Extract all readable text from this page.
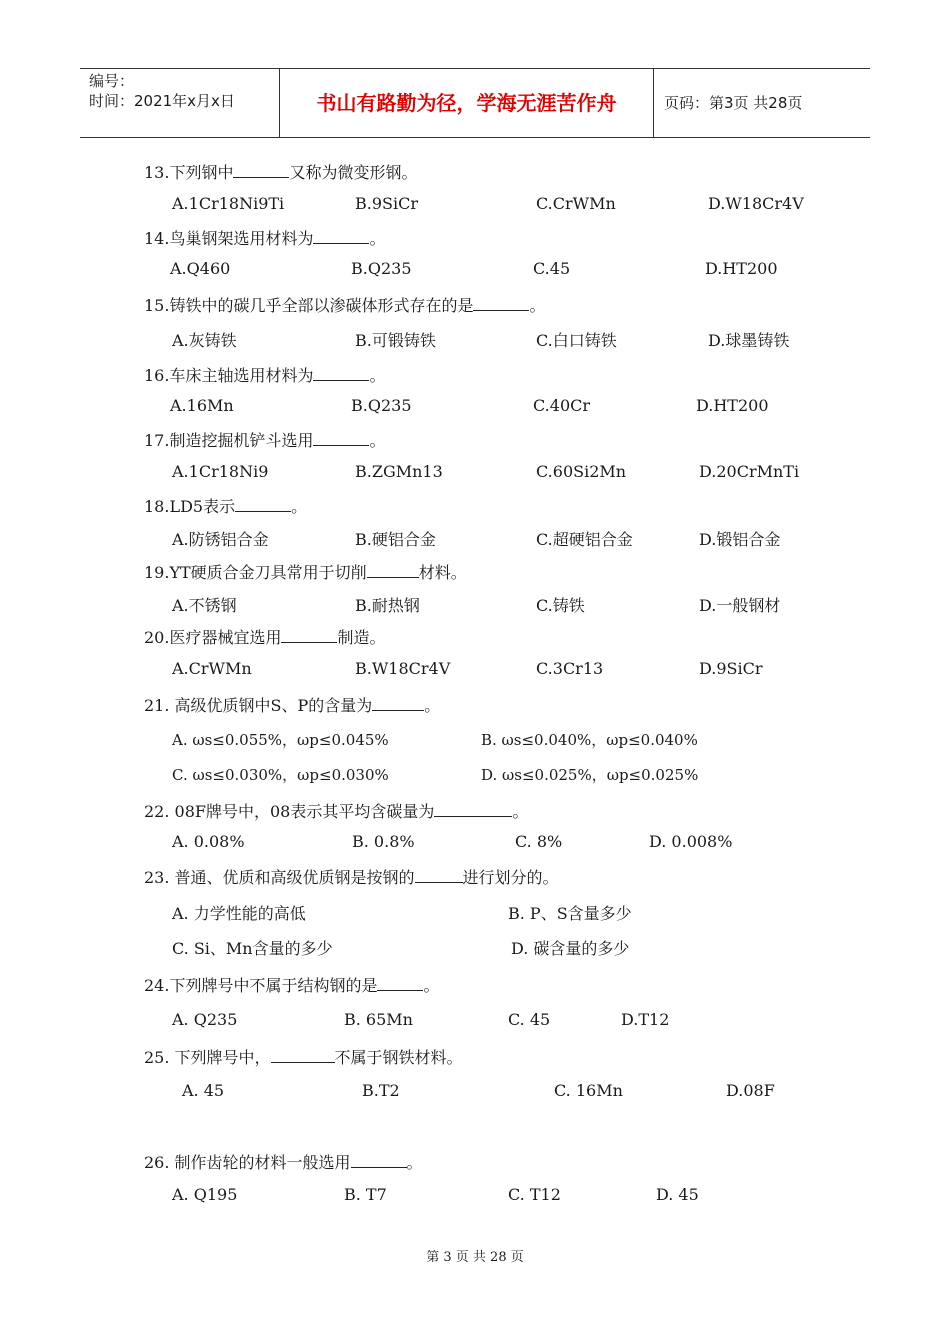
编号：
时间：2021年x月x日	书山有路勤为径，学海无涯苦作舟	页码：第3页 共28页
13.下列钢中	又称为微变形钢。
A.1Cr18Ni9Ti	B.9SiCr	C.CrWMn	D.W18Cr4V
14.鸟巢钢架选用材料为	。
A.Q460	B.Q235	C.45	D.HT200
15.铸铁中的碳几乎全部以渗碳体形式存在的是	。
A.灰铸铁	B.可锻铸铁	C.白口铸铁	D.球墨铸铁
16.车床主轴选用材料为	。
A.16Mn	B.Q235	C.40Cr	D.HT200
17.制造挖掘机铲斗选用	。
A.1Cr18Ni9	B.ZGMn13	C.60Si2Mn	D.20CrMnTi
18.LD5表示	。
A.防锈铝合金	B.硬铝合金	C.超硬铝合金	D.锻铝合金
19.YT硬质合金刀具常用于切削	材料。
A.不锈钢	B.耐热钢	C.铸铁	D.一般钢材
20.医疗器械宜选用	制造。
A.CrWMn	B.W18Cr4V	C.3Cr13	D.9SiCr
21. 高级优质钢中S、P的含量为	。
A. ωs≤0.055%，ωp≤0.045%	B. ωs≤0.040%，ωp≤0.040%
C. ωs≤0.030%，ωp≤0.030%	D. ωs≤0.025%，ωp≤0.025%
22. 08F牌号中，08表示其平均含碳量为	。
A. 0.08%	B. 0.8%	C. 8%	D. 0.008%
23. 普通、优质和高级优质钢是按钢的	进行划分的。
A. 力学性能的高低	B. P、S含量多少
C. Si、Mn含量的多少	D. 碳含量的多少
24.下列牌号中不属于结构钢的是	。
A. Q235	B. 65Mn	C. 45	D.T12
25. 下列牌号中，	不属于钢铁材料。
A. 45	B.T2	C. 16Mn	D.08F
26. 制作齿轮的材料一般选用	。
A. Q195	B. T7	C. T12	D. 45
第 3 页 共 28 页
